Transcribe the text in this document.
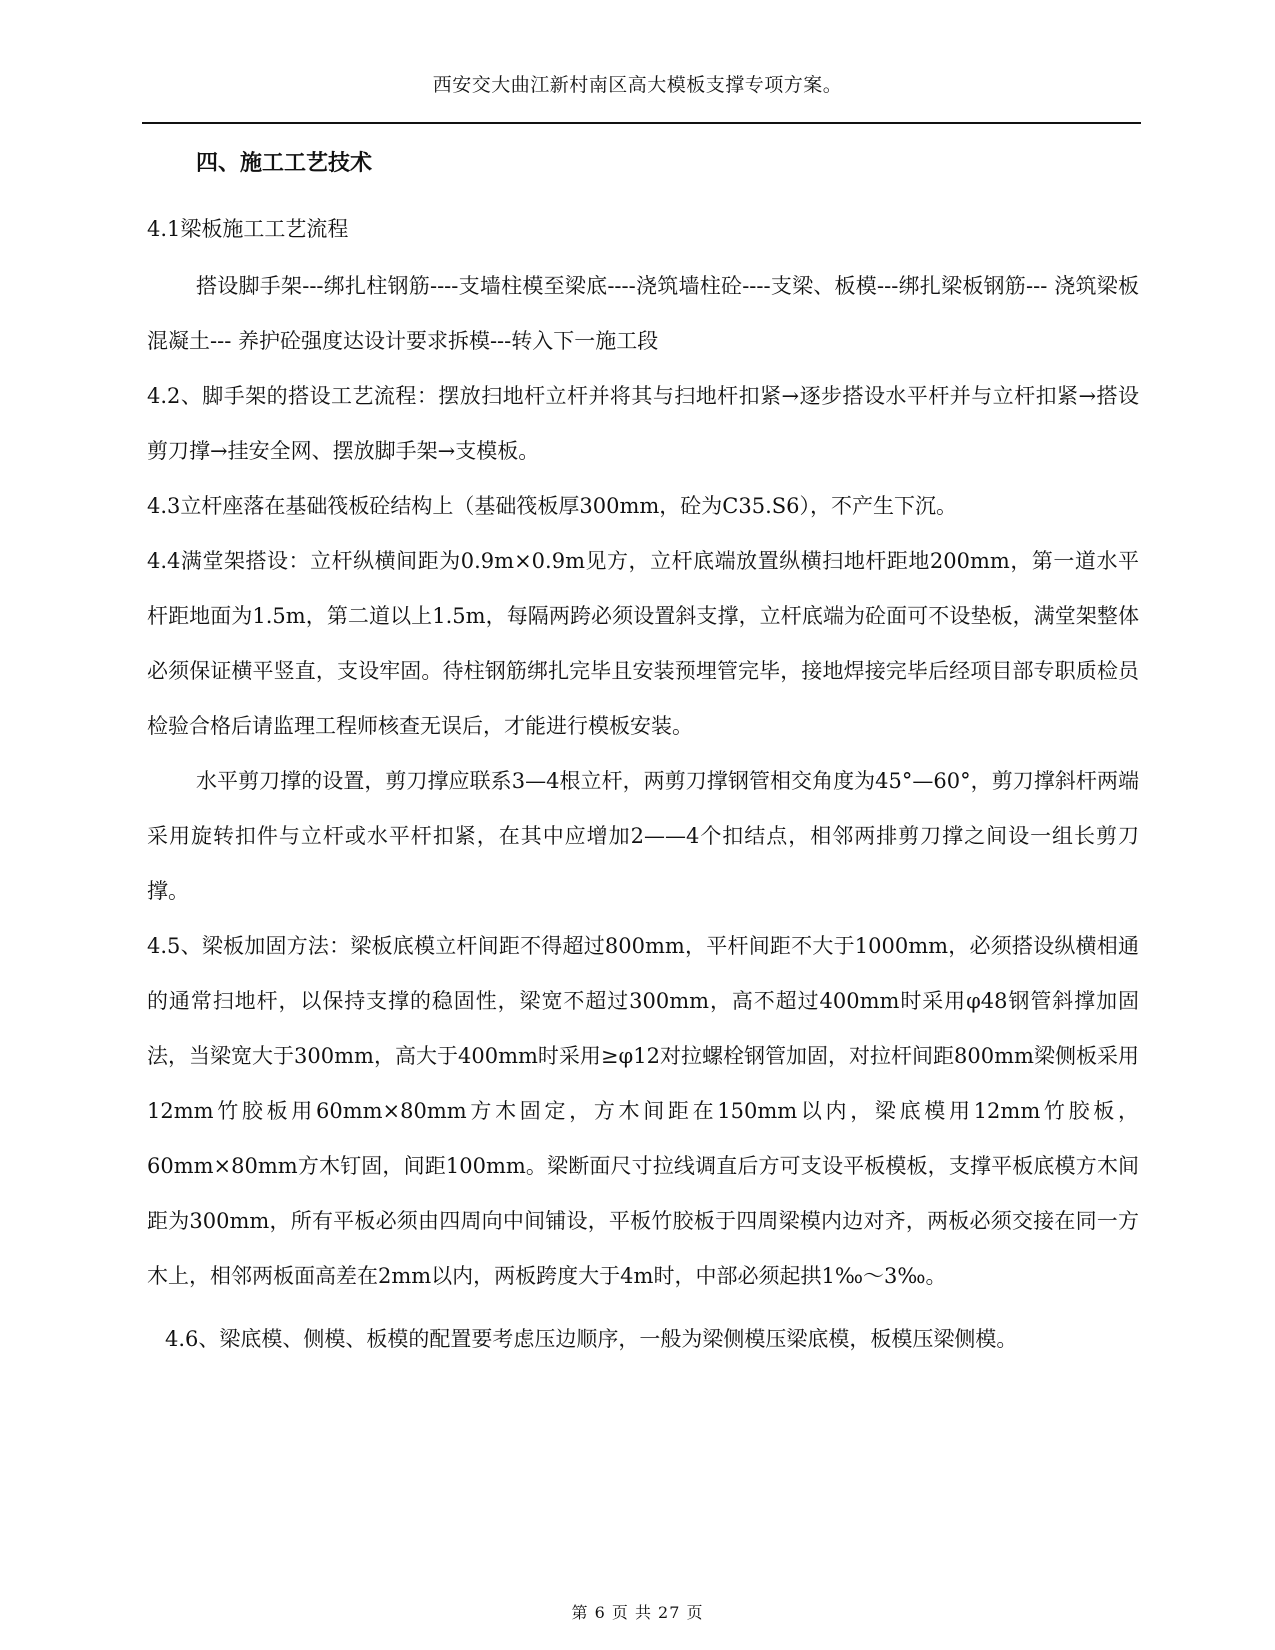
西安交大曲江新村南区高大模板支撑专项方案。
四、施工工艺技术

4.1梁板施工工艺流程

搭设脚手架---绑扎柱钢筋----支墙柱模至梁底----浇筑墙柱砼----支梁、板模---绑扎梁板钢筋--- 浇筑梁板混凝土--- 养护砼强度达设计要求拆模---转入下一施工段

4.2、脚手架的搭设工艺流程：摆放扫地杆立杆并将其与扫地杆扣紧→逐步搭设水平杆并与立杆扣紧→搭设剪刀撑→挂安全网、摆放脚手架→支模板。

4.3立杆座落在基础筏板砼结构上（基础筏板厚300mm，砼为C35.S6），不产生下沉。

4.4满堂架搭设：立杆纵横间距为0.9m×0.9m见方，立杆底端放置纵横扫地杆距地200mm，第一道水平杆距地面为1.5m，第二道以上1.5m，每隔两跨必须设置斜支撑，立杆底端为砼面可不设垫板，满堂架整体必须保证横平竖直，支设牢固。待柱钢筋绑扎完毕且安装预埋管完毕，接地焊接完毕后经项目部专职质检员检验合格后请监理工程师核查无误后，才能进行模板安装。

水平剪刀撑的设置，剪刀撑应联系3—4根立杆，两剪刀撑钢管相交角度为45°—60°，剪刀撑斜杆两端采用旋转扣件与立杆或水平杆扣紧，在其中应增加2——4个扣结点，相邻两排剪刀撑之间设一组长剪刀撑。

4.5、梁板加固方法：梁板底模立杆间距不得超过800mm，平杆间距不大于1000mm，必须搭设纵横相通的通常扫地杆，以保持支撑的稳固性，梁宽不超过300mm，高不超过400mm时采用φ48钢管斜撑加固法，当梁宽大于300mm，高大于400mm时采用≥φ12对拉螺栓钢管加固，对拉杆间距800mm梁侧板采用12mm竹胶板用60mm×80mm方木固定，方木间距在150mm以内，梁底模用12mm竹胶板，60mm×80mm方木钉固，间距100mm。梁断面尺寸拉线调直后方可支设平板模板，支撑平板底模方木间距为300mm，所有平板必须由四周向中间铺设，平板竹胶板于四周梁模内边对齐，两板必须交接在同一方木上，相邻两板面高差在2mm以内，两板跨度大于4m时，中部必须起拱1‰～3‰。

4.6、梁底模、侧模、板模的配置要考虑压边顺序，一般为梁侧模压梁底模，板模压梁侧模。

第 6 页 共 27 页
